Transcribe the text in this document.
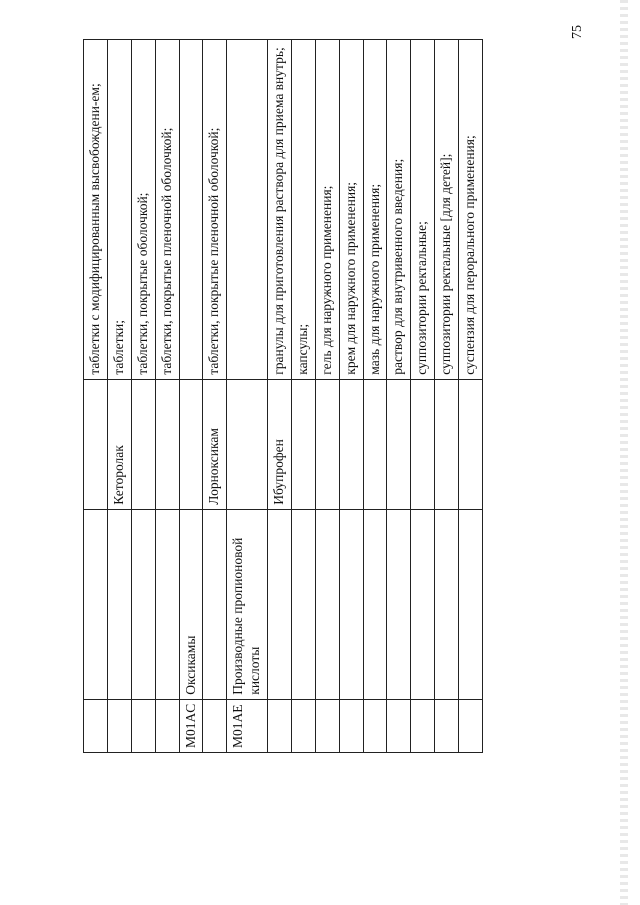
			таблетки с модифицированным высвобождени-ем;
		Кеторолак	таблетки;
			таблетки, покрытые оболочкой;
			таблетки, покрытые пленочной оболочкой;
M01AC	Оксикамы		
		Лорноксикам	таблетки, покрытые пленочной оболочкой;
M01AE	Производные пропионовой кислоты		
		Ибупрофен	гранулы для приготовления раствора для приема внутрь;
			капсулы;
			гель для наружного применения;
			крем для наружного применения;
			мазь для наружного применения;
			раствор для внутривенного введения;
			суппозитории ректальные;
			суппозитории ректальные [для детей];
			суспензия для перорального применения;
75
